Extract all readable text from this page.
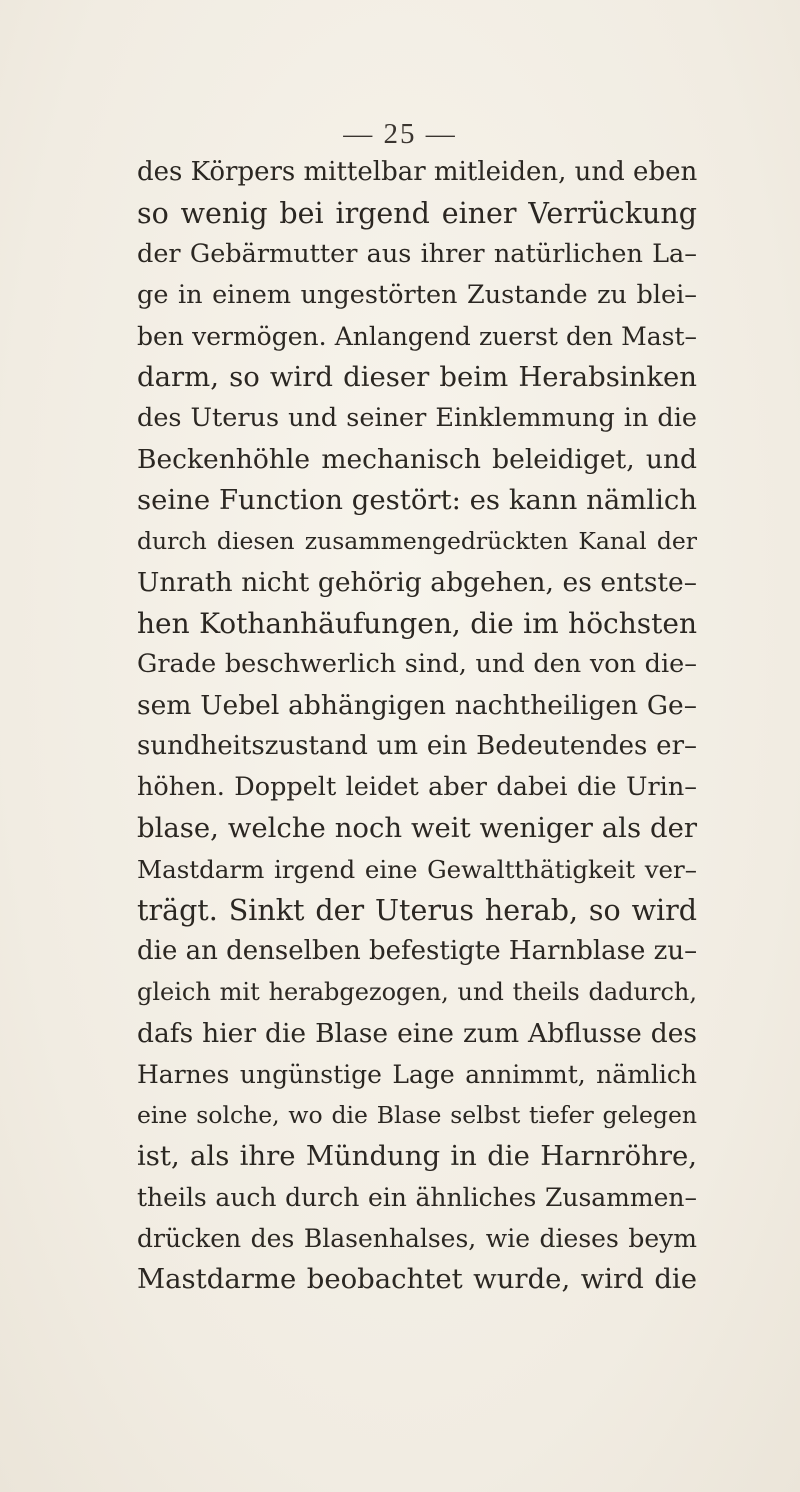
— 25 —
des Körpers mittelbar mitleiden, und eben
so wenig bei irgend einer Verrückung
der Gebärmutter aus ihrer natürlichen La–
ge in einem ungestörten Zustande zu blei–
ben vermögen. Anlangend zuerst den Mast–
darm, so wird dieser beim Herabsinken
des Uterus und seiner Einklemmung in die
Beckenhöhle mechanisch beleidiget, und
seine Function gestört: es kann nämlich
durch diesen zusammengedrückten Kanal der
Unrath nicht gehörig abgehen, es entste–
hen Kothanhäufungen, die im höchsten
Grade beschwerlich sind, und den von die–
sem Uebel abhängigen nachtheiligen Ge–
sundheitszustand um ein Bedeutendes er–
höhen. Doppelt leidet aber dabei die Urin–
blase, welche noch weit weniger als der
Mastdarm irgend eine Gewaltthätigkeit ver–
trägt. Sinkt der Uterus herab, so wird
die an denselben befestigte Harnblase zu–
gleich mit herabgezogen, und theils dadurch,
dafs hier die Blase eine zum Abflusse des
Harnes ungünstige Lage annimmt, nämlich
eine solche, wo die Blase selbst tiefer gelegen
ist, als ihre Mündung in die Harnröhre,
theils auch durch ein ähnliches Zusammen–
drücken des Blasenhalses, wie dieses beym
Mastdarme beobachtet wurde, wird die
